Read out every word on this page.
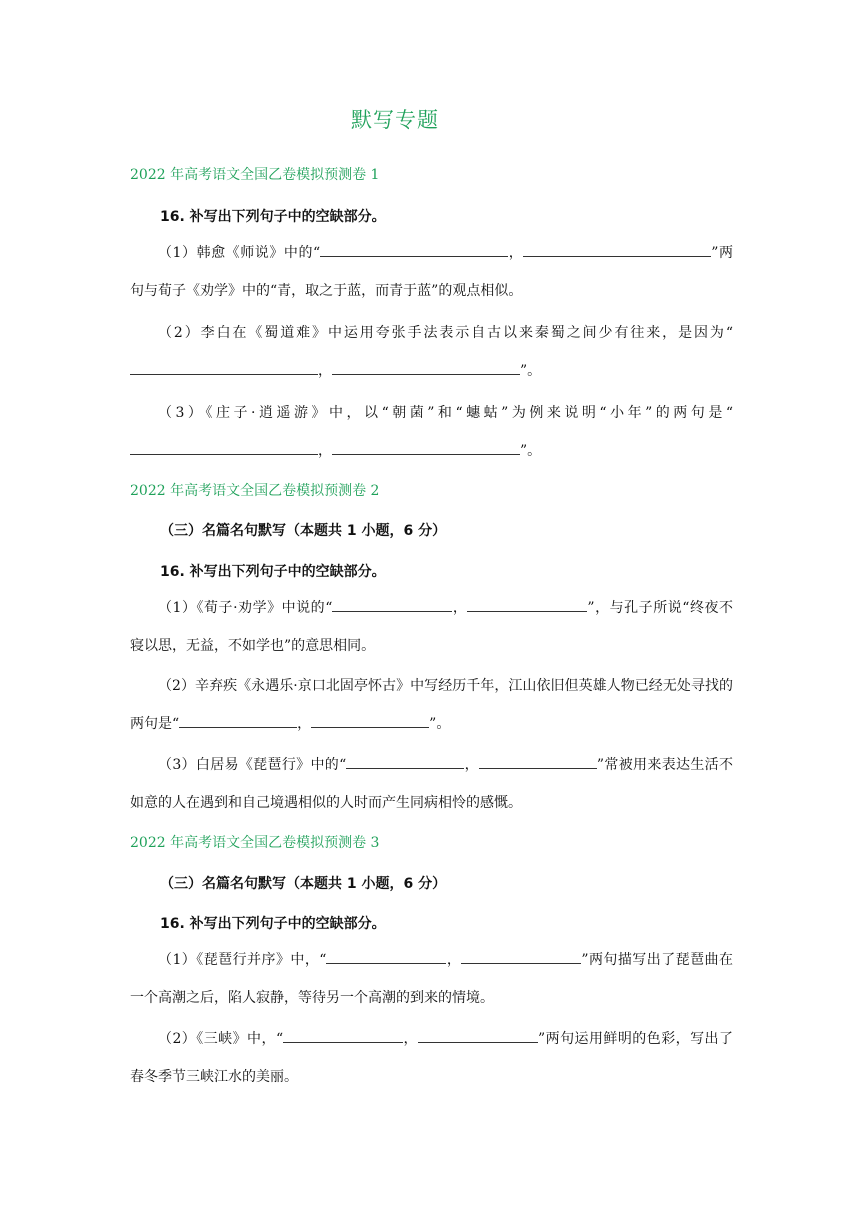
默写专题
2022 年高考语文全国乙卷模拟预测卷 1
16. 补写出下列句子中的空缺部分。

（1）韩愈《师说》中的“	，	”两句与荀子《劝学》中的“青，取之于蓝，而青于蓝”的观点相似。

（2）李白在《蜀道难》中运用夸张手法表示自古以来秦蜀之间少有往来，是因为“，	”。

（3）《庄子·逍遥游》中，以“朝菌”和“蟪蛄”为例来说明“小年”的两句是“，	”。

2022 年高考语文全国乙卷模拟预测卷 2
（三）名篇名句默写（本题共 1 小题，6 分）
16. 补写出下列句子中的空缺部分。

（1）《荀子·劝学》中说的“	，	”，与孔子所说“终夜不寝以思，无益，不如学也”的意思相同。

（2）辛弃疾《永遇乐·京口北固亭怀古》中写经历千年，江山依旧但英雄人物已经无处寻找的两句是“	，	”。

（3）白居易《琵琶行》中的“	，	”常被用来表达生活不如意的人在遇到和自己境遇相似的人时而产生同病相怜的感慨。

2022 年高考语文全国乙卷模拟预测卷 3
（三）名篇名句默写（本题共 1 小题，6 分）
16. 补写出下列句子中的空缺部分。

（1）《琵琶行并序》中，“	，	”两句描写出了琵琶曲在一个高潮之后，陷人寂静，等待另一个高潮的到来的情境。

（2）《三峡》中，“	，	”两句运用鲜明的色彩，写出了春冬季节三峡江水的美丽。
